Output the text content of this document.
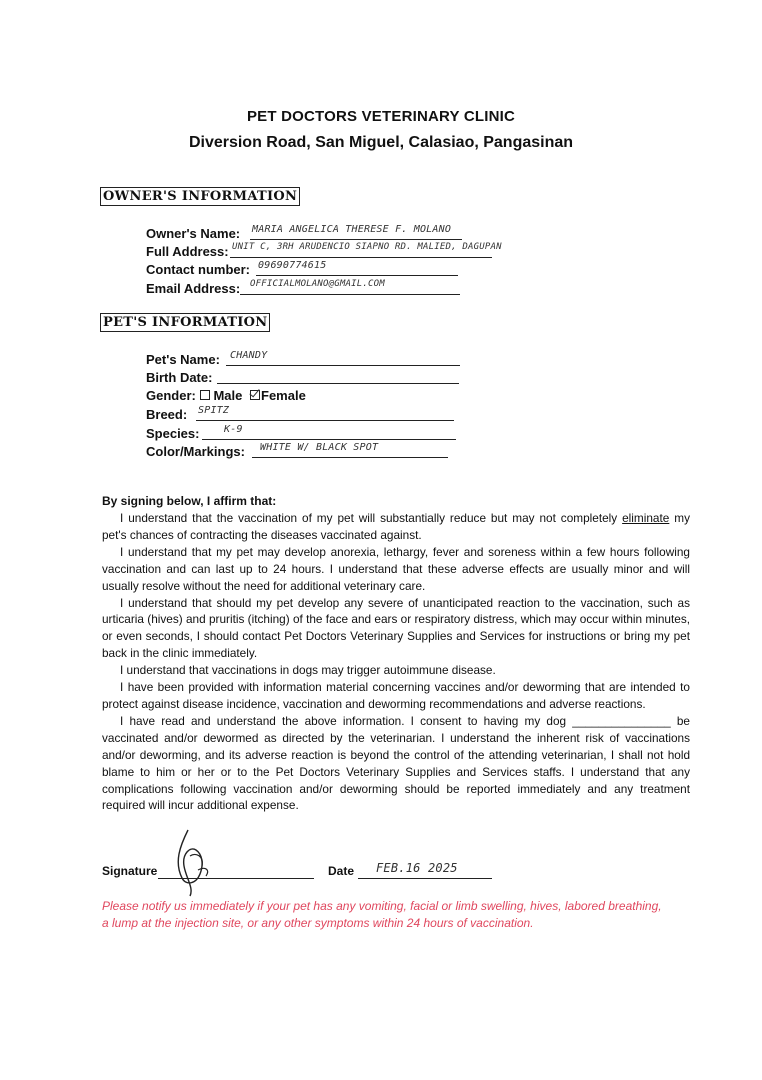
PET DOCTORS VETERINARY CLINIC
Diversion Road, San Miguel, Calasiao, Pangasinan
OWNER'S INFORMATION
Owner's Name: MARIA ANGELICA THERESE F. MOLANO
Full Address: UNIT C, 3RH ARUDENCIO SIAPNO RD. MALIED, DAGUPAN
Contact number: 09690774615
Email Address: OFFICIALMOLANO@GMAIL.COM
PET'S INFORMATION
Pet's Name: CHANDY
Birth Date:
Gender: Male Female
Breed: SPITZ
Species: K-9
Color/Markings: WHITE W/ BLACK SPOT
By signing below, I affirm that:

I understand that the vaccination of my pet will substantially reduce but may not completely eliminate my pet's chances of contracting the diseases vaccinated against.

I understand that my pet may develop anorexia, lethargy, fever and soreness within a few hours following vaccination and can last up to 24 hours. I understand that these adverse effects are usually minor and will usually resolve without the need for additional veterinary care.

I understand that should my pet develop any severe of unanticipated reaction to the vaccination, such as urticaria (hives) and pruritis (itching) of the face and ears or respiratory distress, which may occur within minutes, or even seconds, I should contact Pet Doctors Veterinary Supplies and Services for instructions or bring my pet back in the clinic immediately.

I understand that vaccinations in dogs may trigger autoimmune disease.

I have been provided with information material concerning vaccines and/or deworming that are intended to protect against disease incidence, vaccination and deworming recommendations and adverse reactions.

I have read and understand the above information. I consent to having my dog _______________ be vaccinated and/or dewormed as directed by the veterinarian. I understand the inherent risk of vaccinations and/or deworming, and its adverse reaction is beyond the control of the attending veterinarian, I shall not hold blame to him or her or to the Pet Doctors Veterinary Supplies and Services staffs. I understand that any complications following vaccination and/or deworming should be reported immediately and any treatment required will incur additional expense.

Signature	Date FEB.16 2025
Please notify us immediately if your pet has any vomiting, facial or limb swelling, hives, labored breathing, a lump at the injection site, or any other symptoms within 24 hours of vaccination.
